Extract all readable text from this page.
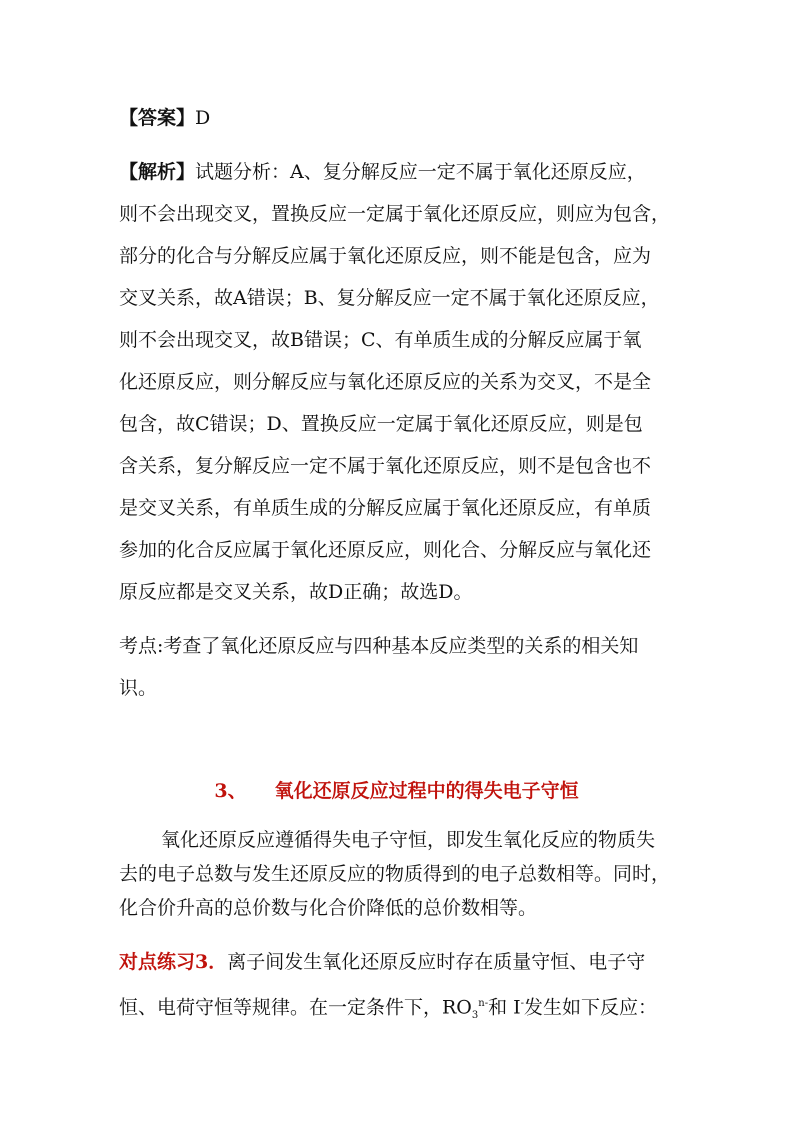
【答案】D
【解析】试题分析：A、复分解反应一定不属于氧化还原反应，
则不会出现交叉，置换反应一定属于氧化还原反应，则应为包含，
部分的化合与分解反应属于氧化还原反应，则不能是包含，应为
交叉关系，故A错误；B、复分解反应一定不属于氧化还原反应，
则不会出现交叉，故B错误；C、有单质生成的分解反应属于氧
化还原反应，则分解反应与氧化还原反应的关系为交叉，不是全
包含，故C错误；D、置换反应一定属于氧化还原反应，则是包
含关系，复分解反应一定不属于氧化还原反应，则不是包含也不
是交叉关系，有单质生成的分解反应属于氧化还原反应，有单质
参加的化合反应属于氧化还原反应，则化合、分解反应与氧化还
原反应都是交叉关系，故D正确；故选D。
考点:考查了氧化还原反应与四种基本反应类型的关系的相关知
识。
3、 氧化还原反应过程中的得失电子守恒
氧化还原反应遵循得失电子守恒，即发生氧化反应的物质失
去的电子总数与发生还原反应的物质得到的电子总数相等。同时，
化合价升高的总价数与化合价降低的总价数相等。
对点练习3．离子间发生氧化还原反应时存在质量守恒、电子守
恒、电荷守恒等规律。在一定条件下，$RO_3^{n-}$和 I-发生如下反应：
